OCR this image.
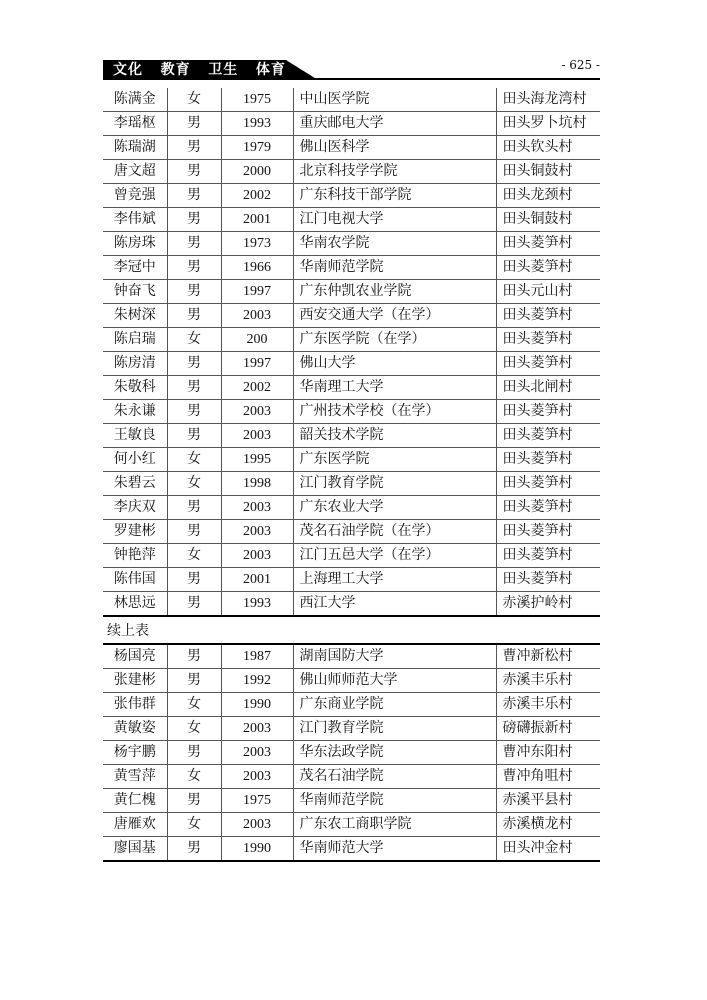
文化   教育   卫生   体育	- 625 -
陈满金	女	1975	中山医学院	田头海龙湾村
李瑶枢	男	1993	重庆邮电大学	田头罗卜坑村
陈瑞湖	男	1979	佛山医科学	田头钦头村
唐文超	男	2000	北京科技学学院	田头铜鼓村
曾竞强	男	2002	广东科技干部学院	田头龙颈村
李伟斌	男	2001	江门电视大学	田头铜鼓村
陈房珠	男	1973	华南农学院	田头菱笋村
李冠中	男	1966	华南师范学院	田头菱笋村
钟奋飞	男	1997	广东仲凯农业学院	田头元山村
朱树深	男	2003	西安交通大学（在学）	田头菱笋村
陈启瑞	女	200	广东医学院（在学）	田头菱笋村
陈房清	男	1997	佛山大学	田头菱笋村
朱敬科	男	2002	华南理工大学	田头北闸村
朱永谦	男	2003	广州技术学校（在学）	田头菱笋村
王敏良	男	2003	韶关技术学院	田头菱笋村
何小红	女	1995	广东医学院	田头菱笋村
朱碧云	女	1998	江门教育学院	田头菱笋村
李庆双	男	2003	广东农业大学	田头菱笋村
罗建彬	男	2003	茂名石油学院（在学）	田头菱笋村
钟艳萍	女	2003	江门五邑大学（在学）	田头菱笋村
陈伟国	男	2001	上海理工大学	田头菱笋村
林思远	男	1993	西江大学	赤溪护岭村
续上表
杨国亮	男	1987	湖南国防大学	曹冲新松村
张建彬	男	1992	佛山师师范大学	赤溪丰乐村
张伟群	女	1990	广东商业学院	赤溪丰乐村
黄敏姿	女	2003	江门教育学院	磅礴振新村
杨宇鹏	男	2003	华东法政学院	曹冲东阳村
黄雪萍	女	2003	茂名石油学院	曹冲角咀村
黄仁槐	男	1975	华南师范学院	赤溪平县村
唐雁欢	女	2003	广东农工商职学院	赤溪横龙村
廖国基	男	1990	华南师范大学	田头冲金村
